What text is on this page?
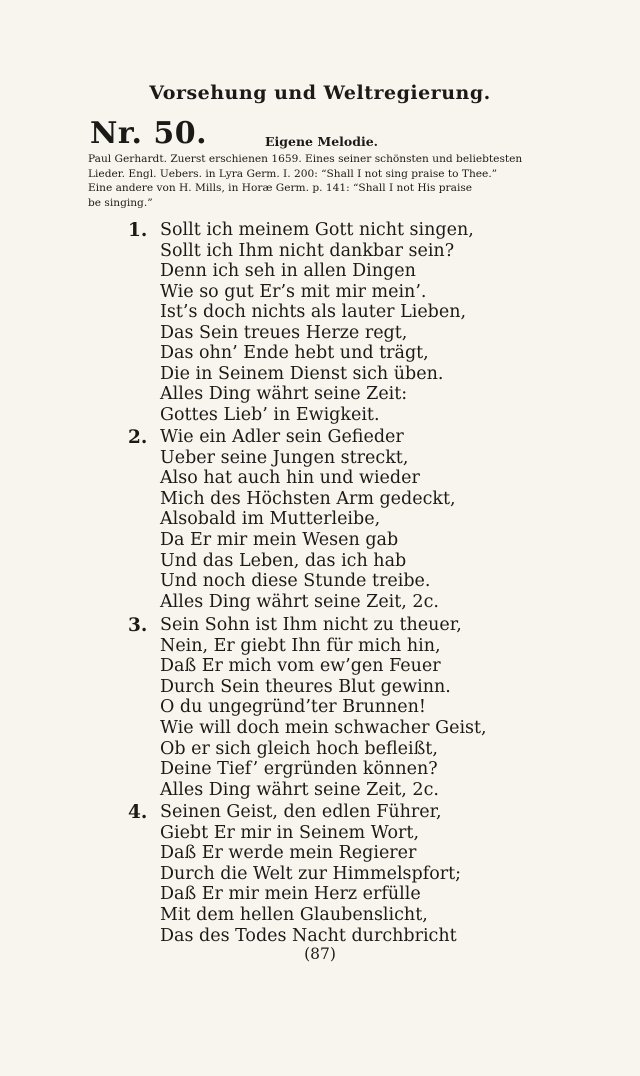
Vorsehung und Weltregierung.
Nr. 50.	Eigene Melodie.
Paul Gerhardt. Zuerst erschienen 1659. Eines seiner schönsten und beliebtesten
Lieder. Engl. Uebers. in Lyra Germ. I. 200: “Shall I not sing praise to Thee.”
Eine andere von H. Mills, in Horæ Germ. p. 141: “Shall I not His praise
be singing.”
1. Sollt ich meinem Gott nicht singen,
Sollt ich Ihm nicht dankbar sein?
Denn ich seh in allen Dingen
Wie so gut Er’s mit mir mein’.
Ist’s doch nichts als lauter Lieben,
Das Sein treues Herze regt,
Das ohn’ Ende hebt und trägt,
Die in Seinem Dienst sich üben.
Alles Ding währt seine Zeit:
Gottes Lieb’ in Ewigkeit.
2. Wie ein Adler sein Gefieder
Ueber seine Jungen streckt,
Also hat auch hin und wieder
Mich des Höchsten Arm gedeckt,
Alsobald im Mutterleibe,
Da Er mir mein Wesen gab
Und das Leben, das ich hab
Und noch diese Stunde treibe.
Alles Ding währt seine Zeit, 2c.
3. Sein Sohn ist Ihm nicht zu theuer,
Nein, Er giebt Ihn für mich hin,
Daß Er mich vom ew’gen Feuer
Durch Sein theures Blut gewinn.
O du ungegründ’ter Brunnen!
Wie will doch mein schwacher Geist,
Ob er sich gleich hoch befleißt,
Deine Tief’ ergründen können?
Alles Ding währt seine Zeit, 2c.
4. Seinen Geist, den edlen Führer,
Giebt Er mir in Seinem Wort,
Daß Er werde mein Regierer
Durch die Welt zur Himmelspfort;
Daß Er mir mein Herz erfülle
Mit dem hellen Glaubenslicht,
Das des Todes Nacht durchbricht
(87)
